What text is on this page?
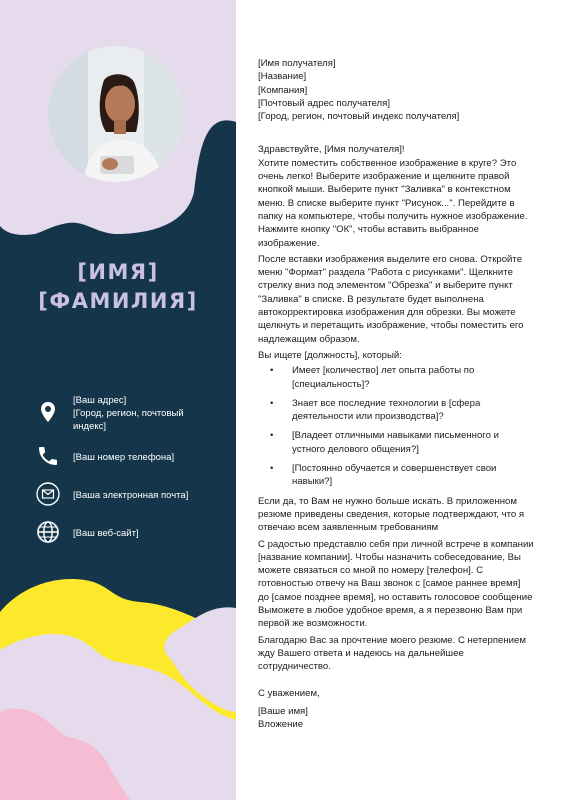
[ИМЯ]
[ФАМИЛИЯ]
[Ваш адрес]
[Город, регион, почтовый
индекс]
[Ваш номер телефона]
[Ваша электронная почта]
[Ваш веб-сайт]

[Имя получателя]

[Название]

[Компания]

[Почтовый адрес получателя]

[Город, регион, почтовый индекс получателя]

Здравствуйте, [Имя получателя]!

Хотите поместить собственное изображение в круге? Это очень легко! Выберите изображение и щелкните правой кнопкой мыши. Выберите пункт "Заливка" в контекстном меню. В списке выберите пункт "Рисунок...". Перейдите в папку на компьютере, чтобы получить нужное изображение. Нажмите кнопку "ОК", чтобы вставить выбранное изображение.

После вставки изображения выделите его снова. Откройте меню "Формат" раздела "Работа с рисунками". Щелкните стрелку вниз под элементом "Обрезка" и выберите пункт "Заливка" в списке. В результате будет выполнена автокорректировка изображения для обрезки. Вы можете щелкнуть и перетащить изображение, чтобы поместить его надлежащим образом.

Вы ищете [должность], который:

• Имеет [количество] лет опыта работы по [специальность]?
• Знает все последние технологии в [сфера деятельности или производства]?
• [Владеет отличными навыками письменного и устного делового общения?]
• [Постоянно обучается и совершенствует свои навыки?]

Если да, то Вам не нужно больше искать. В приложенном резюме приведены сведения, которые подтверждают, что я отвечаю всем заявленным требованиям

С радостью представлю себя при личной встрече в компании [название компании]. Чтобы назначить собеседование, Вы можете связаться со мной по номеру [телефон]. С готовностью отвечу на Ваш звонок с [самое раннее время] до [самое позднее время], но оставить голосовое сообщение Выможете в любое удобное время, а я перезвоню Вам при первой же возможности.

Благодарю Вас за прочтение моего резюме. С нетерпением жду Вашего ответа и надеюсь на дальнейшее сотрудничество.

С уважением,

[Ваше имя]

Вложение
